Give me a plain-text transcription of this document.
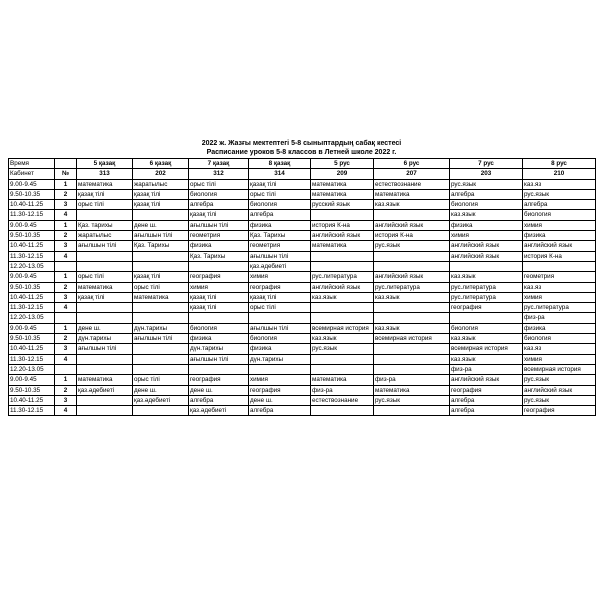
2022 ж. Жазғы мектептегі 5-8 сыныптардың сабақ кестесі
Расписание уроков 5-8 классов в Летней школе 2022 г.
Время		5 қазақ	6 қазақ	7 қазақ	8 қазақ	5 рус	6 рус	7 рус	8 рус
Кабинет	№	313	202	312	314	209	207	203	210
9.00-9.45	1	математика	жаратылыс	орыс тілі	қазақ тілі	математика	естествознание	рус.язык	каз.яз
9.50-10.35	2	қазақ тілі	қазақ тілі	биология	орыс тілі	математика	математика	алгебра	рус.язык
10.40-11.25	3	орыс тілі	қазақ тілі	алгебра	биология	русский язык	каз.язык	биология	алгебра
11.30-12.15	4			қазақ тілі	алгебра			каз.язык	биология
9.00-9.45	1	Қаз. тарихы	дене ш.	ағылшын тілі	физика	история К-на	английский язык	физика	химия
9.50-10.35	2	жаратылыс	ағылшын тілі	геометрия	Қаз. Тарихы	английский язык	история К-на	химия	физика
10.40-11.25	3	ағылшын тілі	Қаз. Тарихы	физика	геометрия	математика	рус.язык	английский язык	английский язык
11.30-12.15	4			Қаз. Тарихы	ағылшын тілі			английский язык	история К-на
12.20-13.05					қаз.әдебиеті				
9.00-9.45	1	орыс тілі	қазақ тілі	география	химия	рус.литература	английский язык	каз.язык	геометрия
9.50-10.35	2	математика	орыс тілі	химия	география	английский язык	рус.литература	рус.литература	каз.яз
10.40-11.25	3	қазақ тілі	математика	қазақ тілі	қазақ тілі	каз.язык	каз.язык	рус.литература	химия
11.30-12.15	4			қазақ тілі	орыс тілі			география	рус.литература
12.20-13.05									физ-ра
9.00-9.45	1	дене ш.	дүн.тарихы	биология	ағылшын тілі	всемирная история	каз.язык	биология	физика
9.50-10.35	2	дүн.тарихы	ағылшын тілі	физика	биология	каз.язык	всемирная история	каз.язык	биология
10.40-11.25	3	ағылшын тілі		дүн.тарихы	физика	рус.язык		всемирная история	каз.яз
11.30-12.15	4			ағылшын тілі	дүн.тарихы			каз.язык	химия
12.20-13.05								физ-ра	всемирная история
9.00-9.45	1	математика	орыс тілі	география	химия	математика	физ-ра	английский язык	рус.язык
9.50-10.35	2	қаз.әдебиеті	дене ш.	дене ш.	география	физ-ра	математика	география	английский язык
10.40-11.25	3		қаз.әдебиеті	алгебра	дене ш.	естествознание	рус.язык	алгебра	рус.язык
11.30-12.15	4			қаз.әдебиеті	алгебра			алгебра	география
